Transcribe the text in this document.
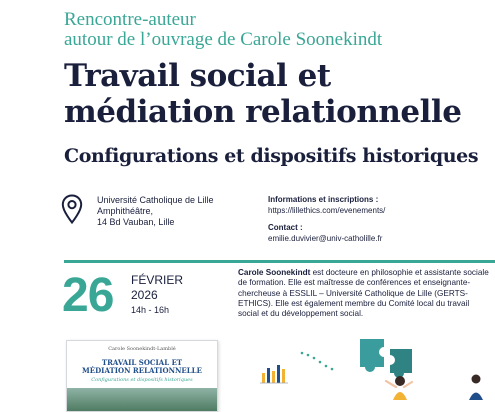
Rencontre-auteur
autour de l’ouvrage de Carole Soonekindt
Travail social et
médiation relationnelle
Configurations et dispositifs historiques
Université Catholique de Lille
Amphithéâtre,
14 Bd Vauban, Lille
Informations et inscriptions :
https://lillethics.com/evenements/
Contact :
emilie.duvivier@univ-catholille.fr
26 FÉVRIER
2026
14h - 16h
Carole Soonekindt est docteure en philosophie et assistante sociale de formation. Elle est maîtresse de conférences et enseignante-chercheuse à ESSLIL – Université Catholique de Lille (GERTS-ETHICS). Elle est également membre du Comité local du travail social et du développement social.
Carole Soonekindt-Lamblé
TRAVAIL SOCIAL ET
MÉDIATION RELATIONNELLE
Configurations et dispositifs historiques
